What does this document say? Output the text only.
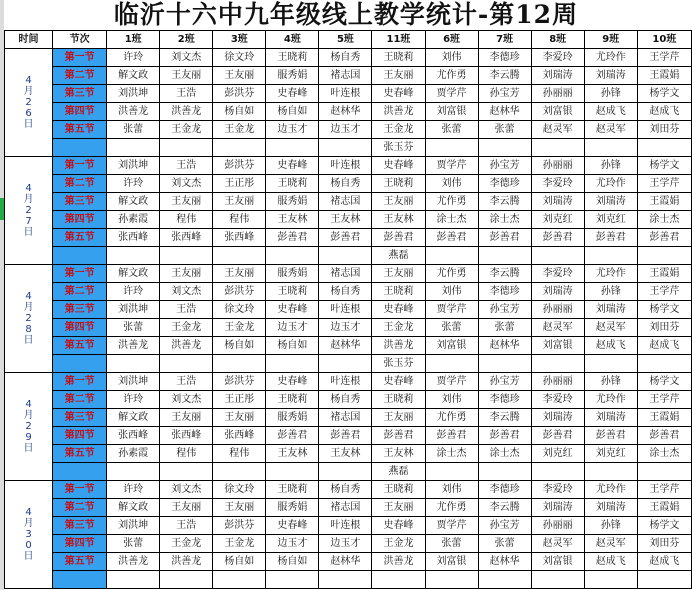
临沂十六中九年级线上教学统计-第12周
时间	节次	1班	2班	3班	4班	5班	11班	6班	7班	8班	9班	10班

4
月
2
6
日	第一节	许玲	刘文杰	徐文玲	王晓莉	杨自秀	王晓莉	刘伟	李德珍	李爱玲	尤玲作	王学芹
	第二节	解文政	王友丽	王友丽	服秀娟	褚志国	王友丽	尤作勇	李云腾	刘瑞涛	刘瑞涛	王霞娟
	第三节	刘洪坤	王浩	彭洪芬	史春峰	叶连根	史春峰	贾学芹	孙宝芳	孙丽丽	孙锋	杨学文
	第四节	洪善龙	洪善龙	杨自如	杨自如	赵林华	洪善龙	刘富银	赵林华	刘富银	赵成飞	赵成飞
	第五节	张蕾	王金龙	王金龙	边玉才	边玉才	王金龙	张蕾	张蕾	赵灵军	赵灵军	刘田芬
							张玉芬					

4
月
2
7
日	第一节	刘洪坤	王浩	彭洪芬	史春峰	叶连根	史春峰	贾学芹	孙宝芳	孙丽丽	孙锋	杨学文
	第二节	许玲	刘文杰	王正彤	王晓莉	杨自秀	王晓莉	刘伟	李德珍	李爱玲	尤玲作	王学芹
	第三节	解文政	王友丽	王友丽	服秀娟	褚志国	王友丽	尤作勇	李云腾	刘瑞涛	刘瑞涛	王霞娟
	第四节	孙素霞	程伟	程伟	王友林	王友林	王友林	涂士杰	涂士杰	刘克红	刘克红	涂士杰
	第五节	张西峰	张西峰	张西峰	彭善君	彭善君	彭善君	彭善君	彭善君	彭善君	彭善君	彭善君
							燕磊					

4
月
2
8
日	第一节	解文政	王友丽	王友丽	服秀娟	褚志国	王友丽	尤作勇	李云腾	李爱玲	尤玲作	王霞娟
	第二节	许玲	刘文杰	彭洪芬	王晓莉	杨自秀	王晓莉	刘伟	李德珍	刘瑞涛	孙锋	王学芹
	第三节	刘洪坤	王浩	徐文玲	史春峰	叶连根	史春峰	贾学芹	孙宝芳	孙丽丽	刘瑞涛	杨学文
	第四节	张蕾	王金龙	王金龙	边玉才	边玉才	王金龙	张蕾	张蕾	赵灵军	赵灵军	刘田芬
	第五节	洪善龙	洪善龙	杨自如	杨自如	赵林华	洪善龙	刘富银	赵林华	刘富银	赵成飞	赵成飞
							张玉芬					

4
月
2
9
日	第一节	刘洪坤	王浩	彭洪芬	史春峰	叶连根	史春峰	贾学芹	孙宝芳	孙丽丽	孙锋	杨学文
	第二节	许玲	刘文杰	王正彤	王晓莉	杨自秀	王晓莉	刘伟	李德珍	李爱玲	尤玲作	王学芹
	第三节	解文政	王友丽	王友丽	服秀娟	褚志国	王友丽	尤作勇	李云腾	刘瑞涛	刘瑞涛	王霞娟
	第四节	张西峰	张西峰	张西峰	彭善君	彭善君	彭善君	彭善君	彭善君	彭善君	彭善君	彭善君
	第五节	孙素霞	程伟	程伟	王友林	王友林	王友林	涂士杰	涂士杰	刘克红	刘克红	涂士杰
							燕磊					

4
月
3
0
日	第一节	许玲	刘文杰	徐文玲	王晓莉	杨自秀	王晓莉	刘伟	李德珍	李爱玲	尤玲作	王学芹
	第二节	解文政	王友丽	王友丽	服秀娟	褚志国	王友丽	尤作勇	李云腾	刘瑞涛	刘瑞涛	王霞娟
	第三节	刘洪坤	王浩	彭洪芬	史春峰	叶连根	史春峰	贾学芹	孙宝芳	孙丽丽	孙锋	杨学文
	第四节	张蕾	王金龙	王金龙	边玉才	边玉才	王金龙	张蕾	张蕾	赵灵军	赵灵军	刘田芬
	第五节	洪善龙	洪善龙	杨自如	杨自如	赵林华	洪善龙	刘富银	赵林华	刘富银	赵成飞	赵成飞
